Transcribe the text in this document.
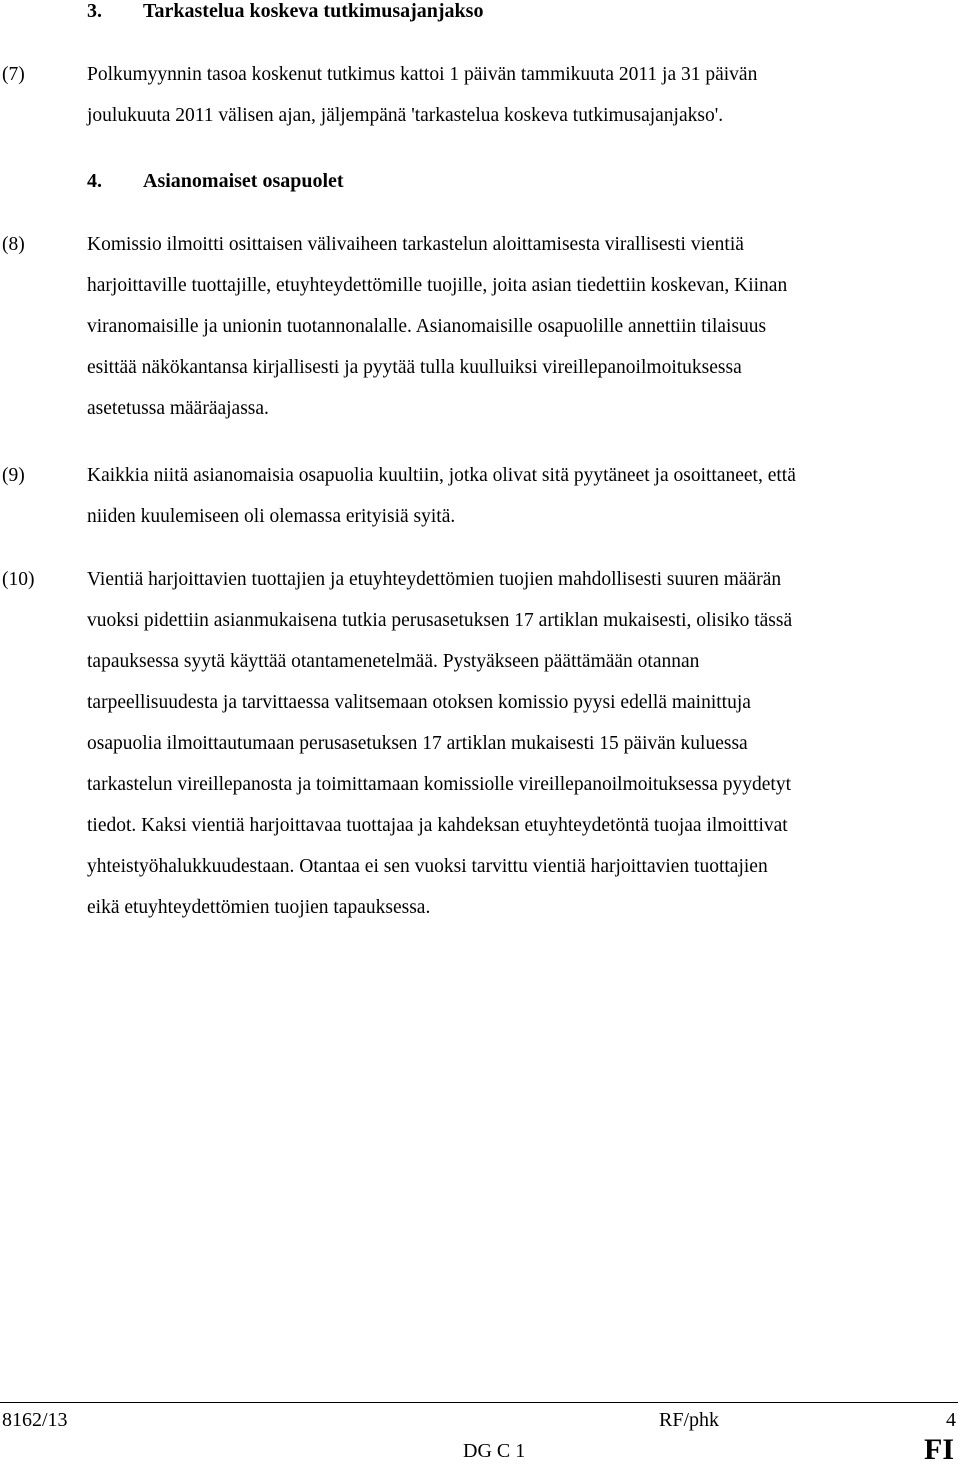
3. Tarkastelua koskeva tutkimusajanjakso
(7)	Polkumyynnin tasoa koskenut tutkimus kattoi 1 päivän tammikuuta 2011 ja 31 päivän
joulukuuta 2011 välisen ajan, jäljempänä 'tarkastelua koskeva tutkimusajanjakso'.
4. Asianomaiset osapuolet
(8)	Komissio ilmoitti osittaisen välivaiheen tarkastelun aloittamisesta virallisesti vientiä
harjoittaville tuottajille, etuyhteydettömille tuojille, joita asian tiedettiin koskevan, Kiinan
viranomaisille ja unionin tuotannonalalle. Asianomaisille osapuolille annettiin tilaisuus
esittää näkökantansa kirjallisesti ja pyytää tulla kuulluiksi vireillepanoilmoituksessa
asetetussa määräajassa.
(9)	Kaikkia niitä asianomaisia osapuolia kuultiin, jotka olivat sitä pyytäneet ja osoittaneet, että
niiden kuulemiseen oli olemassa erityisiä syitä.
(10)	Vientiä harjoittavien tuottajien ja etuyhteydettömien tuojien mahdollisesti suuren määrän
vuoksi pidettiin asianmukaisena tutkia perusasetuksen 17 artiklan mukaisesti, olisiko tässä
tapauksessa syytä käyttää otantamenetelmää. Pystyäkseen päättämään otannan
tarpeellisuudesta ja tarvittaessa valitsemaan otoksen komissio pyysi edellä mainittuja
osapuolia ilmoittautumaan perusasetuksen 17 artiklan mukaisesti 15 päivän kuluessa
tarkastelun vireillepanosta ja toimittamaan komissiolle vireillepanoilmoituksessa pyydetyt
tiedot. Kaksi vientiä harjoittavaa tuottajaa ja kahdeksan etuyhteydetöntä tuojaa ilmoittivat
yhteistyöhalukkuudestaan. Otantaa ei sen vuoksi tarvittu vientiä harjoittavien tuottajien
eikä etuyhteydettömien tuojien tapauksessa.
8162/13	RF/phk	4
DG C 1	FI
